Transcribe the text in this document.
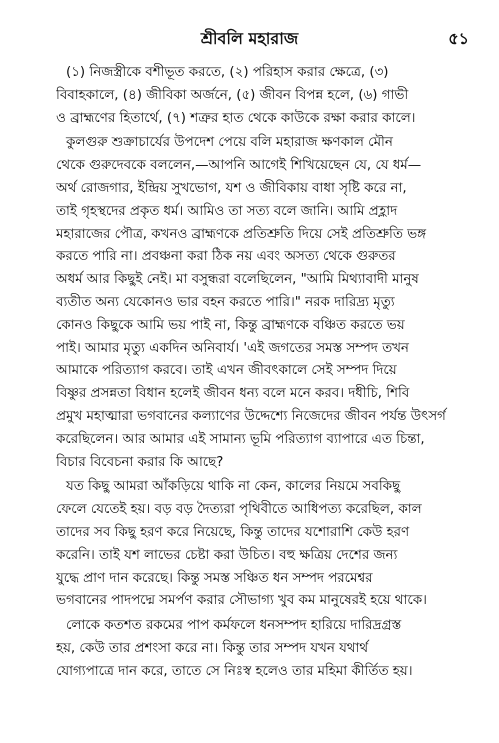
শ্রীবলি মহারাজ	৫১

(১) নিজস্ত্রীকে বশীভূত করতে, (২) পরিহাস করার ক্ষেত্রে, (৩)
বিবাহকালে, (৪) জীবিকা অর্জনে, (৫) জীবন বিপন্ন হলে, (৬) গাভী
ও ব্রাহ্মণের হিতার্থে, (৭) শত্রুর হাত থেকে কাউকে রক্ষা করার কালে।

কুলগুরু শুক্রাচার্যের উপদেশ পেয়ে বলি মহারাজ ক্ষণকাল মৌন
থেকে গুরুদেবকে বললেন,—আপনি আগেই শিখিয়েছেন যে, যে ধর্ম—
অর্থ রোজগার, ইন্দ্রিয় সুখভোগ, যশ ও জীবিকায় বাধা সৃষ্টি করে না,
তাই গৃহস্থদের প্রকৃত ধর্ম। আমিও তা সত্য বলে জানি। আমি প্রহ্লাদ
মহারাজের পৌত্র, কখনও ব্রাহ্মণকে প্রতিশ্রুতি দিয়ে সেই প্রতিশ্রুতি ভঙ্গ
করতে পারি না। প্রবঞ্চনা করা ঠিক নয় এবং অসত্য থেকে গুরুতর
অধর্ম আর কিছুই নেই। মা বসুন্ধরা বলেছিলেন, "আমি মিথ্যাবাদী মানুষ
ব্যতীত অন্য যেকোনও ভার বহন করতে পারি।" নরক দারিদ্র্য মৃত্যু
কোনও কিছুকে আমি ভয় পাই না, কিন্তু ব্রাহ্মণকে বঞ্চিত করতে ভয়
পাই। আমার মৃত্যু একদিন অনিবার্য। 'এই জগতের সমস্ত সম্পদ তখন
আমাকে পরিত্যাগ করবে। তাই এখন জীবৎকালে সেই সম্পদ দিয়ে
বিষ্ণুর প্রসন্নতা বিধান হলেই জীবন ধন্য বলে মনে করব। দধীচি, শিবি
প্রমুখ মহাত্মারা ভগবানের কল্যাণের উদ্দেশ্যে নিজেদের জীবন পর্যন্ত উৎসর্গ
করেছিলেন। আর আমার এই সামান্য ভূমি পরিত্যাগ ব্যাপারে এত চিন্তা,
বিচার বিবেচনা করার কি আছে?

যত কিছু আমরা আঁকড়িয়ে থাকি না কেন, কালের নিয়মে সবকিছু
ফেলে যেতেই হয়। বড় বড় দৈত্যরা পৃথিবীতে আধিপত্য করেছিল, কাল
তাদের সব কিছু হরণ করে নিয়েছে, কিন্তু তাদের যশোরাশি কেউ হরণ
করেনি। তাই যশ লাভের চেষ্টা করা উচিত। বহু ক্ষত্রিয় দেশের জন্য
যুদ্ধে প্রাণ দান করেছে। কিন্তু সমস্ত সঞ্চিত ধন সম্পদ পরমেশ্বর
ভগবানের পাদপদ্মে সমর্পণ করার সৌভাগ্য খুব কম মানুষেরই হয়ে থাকে।

লোকে কতশত রকমের পাপ কর্মফলে ধনসম্পদ হারিয়ে দারিদ্রগ্রস্ত
হয়, কেউ তার প্রশংসা করে না। কিন্তু তার সম্পদ যখন যথার্থ
যোগ্যপাত্রে দান করে, তাতে সে নিঃস্ব হলেও তার মহিমা কীর্তিত হয়।
